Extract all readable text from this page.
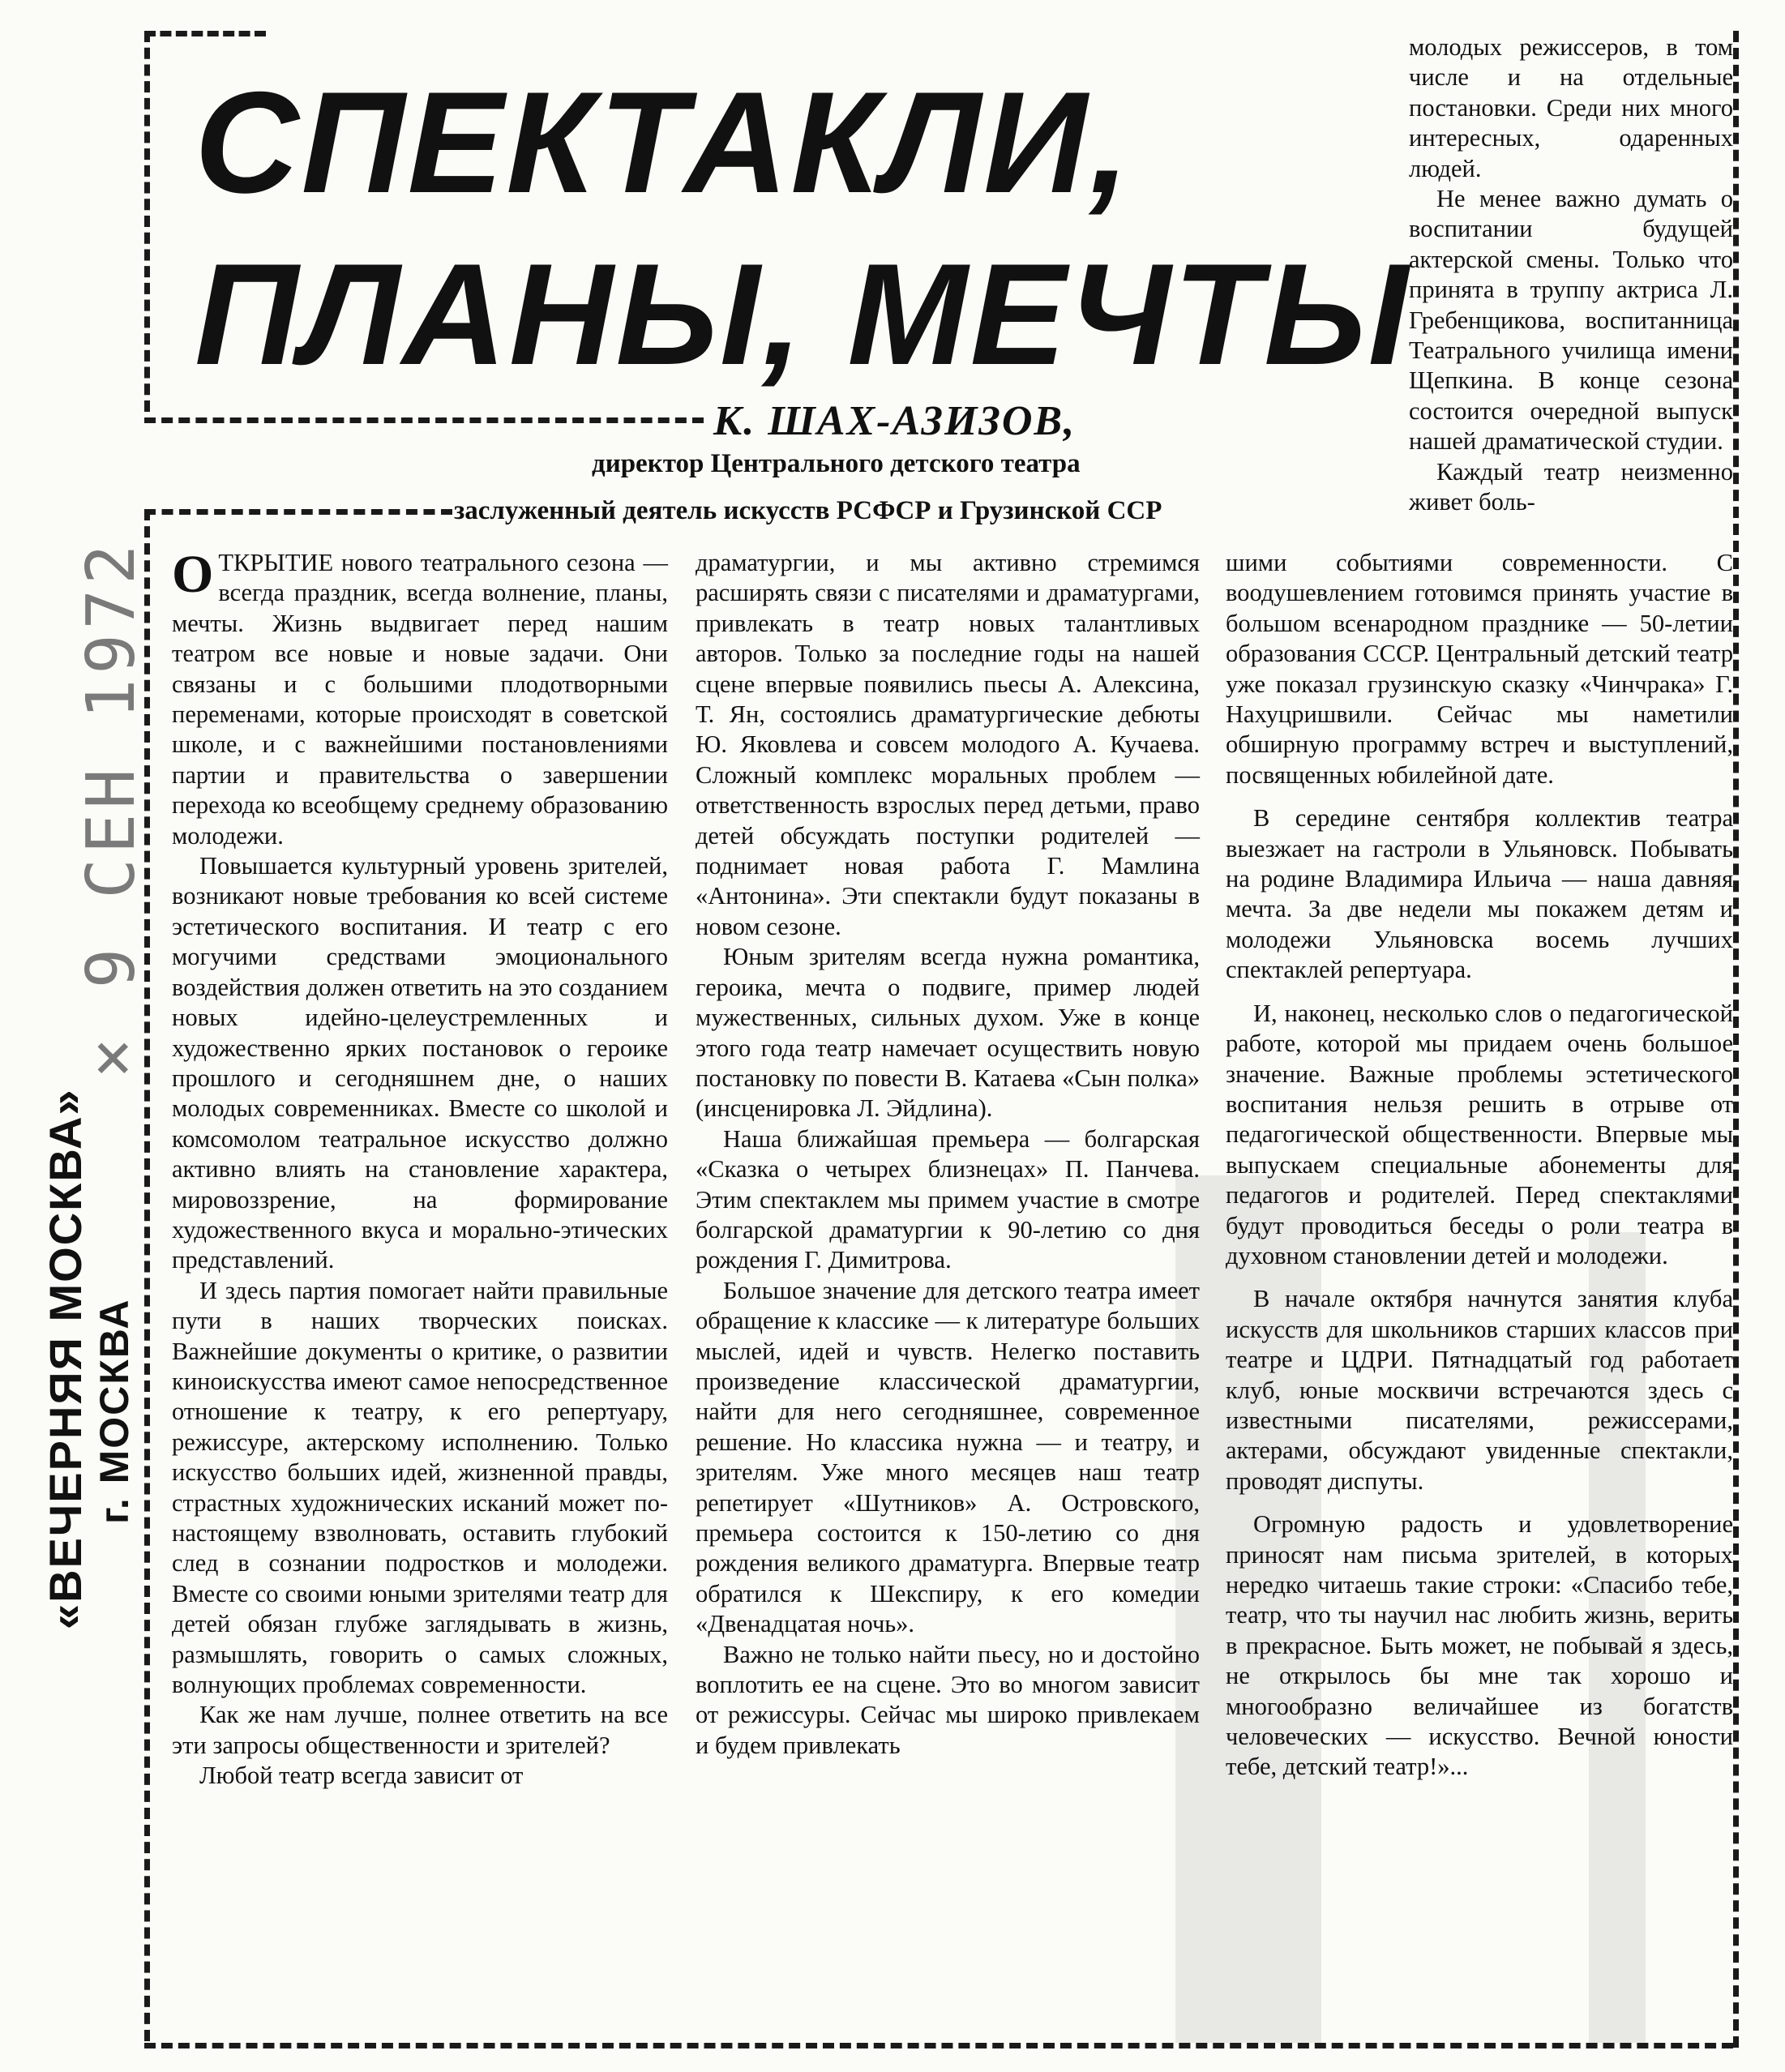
СПЕКТАКЛИ,
ПЛАНЫ, МЕЧТЫ
К. ШАХ-АЗИЗОВ,
директор Центрального детского театра
заслуженный деятель искусств РСФСР и Грузинской ССР
× 9 СЕН 1972
«ВЕЧЕРНЯЯ МОСКВА» г. МОСКВА

ОТКРЫТИЕ нового театрального сезона — всегда праздник, всегда волнение, планы, мечты. Жизнь выдвигает перед нашим театром все новые и новые задачи. Они связаны и с большими плодотворными переменами, которые происходят в советской школе, и с важнейшими постановлениями партии и правительства о завершении перехода ко всеобщему среднему образованию молодежи.

Повышается культурный уровень зрителей, возникают новые требования ко всей системе эстетического воспитания. И театр с его могучими средствами эмоционального воздействия должен ответить на это созданием новых идейно-целеустремленных и художественно ярких постановок о героике прошлого и сегодняшнем дне, о наших молодых современниках. Вместе со школой и комсомолом театральное искусство должно активно влиять на становление характера, мировоззрение, на формирование художественного вкуса и морально-этических представлений.

И здесь партия помогает найти правильные пути в наших творческих поисках. Важнейшие документы о критике, о развитии киноискусства имеют самое непосредственное отношение к театру, к его репертуару, режиссуре, актерскому исполнению. Только искусство больших идей, жизненной правды, страстных художнических исканий может по-настоящему взволновать, оставить глубокий след в сознании подростков и молодежи. Вместе со своими юными зрителями театр для детей обязан глубже заглядывать в жизнь, размышлять, говорить о самых сложных, волнующих проблемах современности.

Как же нам лучше, полнее ответить на все эти запросы общественности и зрителей?

Любой театр всегда зависит от

драматургии, и мы активно стремимся расширять связи с писателями и драматургами, привлекать в театр новых талантливых авторов. Только за последние годы на нашей сцене впервые появились пьесы А. Алексина, Т. Ян, состоялись драматургические дебюты Ю. Яковлева и совсем молодого А. Кучаева. Сложный комплекс моральных проблем — ответственность взрослых перед детьми, право детей обсуждать поступки родителей — поднимает новая работа Г. Мамлина «Антонина». Эти спектакли будут показаны в новом сезоне.

Юным зрителям всегда нужна романтика, героика, мечта о подвиге, пример людей мужественных, сильных духом. Уже в конце этого года театр намечает осуществить новую постановку по повести В. Катаева «Сын полка» (инсценировка Л. Эйдлина).

Наша ближайшая премьера — болгарская «Сказка о четырех близнецах» П. Панчева. Этим спектаклем мы примем участие в смотре болгарской драматургии к 90-летию со дня рождения Г. Димитрова.

Большое значение для детского театра имеет обращение к классике — к литературе больших мыслей, идей и чувств. Нелегко поставить произведение классической драматургии, найти для него сегодняшнее, современное решение. Но классика нужна — и театру, и зрителям. Уже много месяцев наш театр репетирует «Шутников» А. Островского, премьера состоится к 150-летию со дня рождения великого драматурга. Впервые театр обратился к Шекспиру, к его комедии «Двенадцатая ночь».

Важно не только найти пьесу, но и достойно воплотить ее на сцене. Это во многом зависит от режиссуры. Сейчас мы широко привлекаем и будем привлекать

молодых режиссеров, в том числе и на отдельные постановки. Среди них много интересных, одаренных людей.

Не менее важно думать о воспитании будущей актерской смены. Только что принята в труппу актриса Л. Гребенщикова, воспитанница Театрального училища имени Щепкина. В конце сезона состоится очередной выпуск нашей драматической студии.

Каждый театр неизменно живет боль-

шими событиями современности. С воодушевлением готовимся принять участие в большом всенародном празднике — 50-летии образования СССР. Центральный детский театр уже показал грузинскую сказку «Чинчрака» Г. Нахуцришвили. Сейчас мы наметили обширную программу встреч и выступлений, посвященных юбилейной дате.

В середине сентября коллектив театра выезжает на гастроли в Ульяновск. Побывать на родине Владимира Ильича — наша давняя мечта. За две недели мы покажем детям и молодежи Ульяновска восемь лучших спектаклей репертуара.

И, наконец, несколько слов о педагогической работе, которой мы придаем очень большое значение. Важные проблемы эстетического воспитания нельзя решить в отрыве от педагогической общественности. Впервые мы выпускаем специальные абонементы для педагогов и родителей. Перед спектаклями будут проводиться беседы о роли театра в духовном становлении детей и молодежи.

В начале октября начнутся занятия клуба искусств для школьников старших классов при театре и ЦДРИ. Пятнадцатый год работает клуб, юные москвичи встречаются здесь с известными писателями, режиссерами, актерами, обсуждают увиденные спектакли, проводят диспуты.

Огромную радость и удовлетворение приносят нам письма зрителей, в которых нередко читаешь такие строки: «Спасибо тебе, театр, что ты научил нас любить жизнь, верить в прекрасное. Быть может, не побывай я здесь, не открылось бы мне так хорошо и многообразно величайшее из богатств человеческих — искусство. Вечной юности тебе, детский театр!»...
